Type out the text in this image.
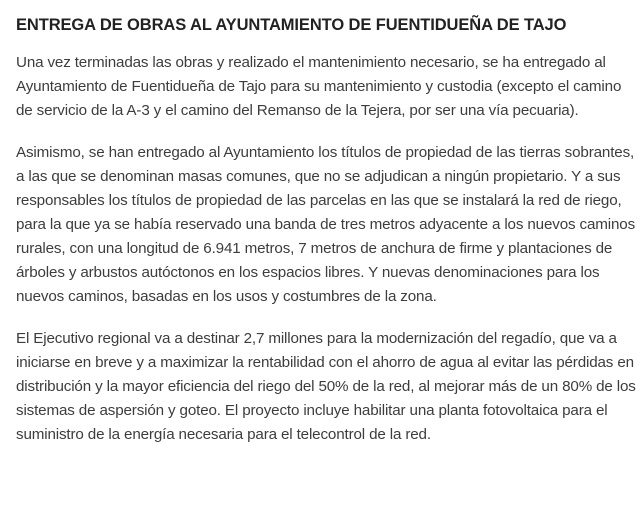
ENTREGA DE OBRAS AL AYUNTAMIENTO DE FUENTIDUEÑA DE TAJO

Una vez terminadas las obras y realizado el mantenimiento necesario, se ha entregado al Ayuntamiento de Fuentidueña de Tajo para su mantenimiento y custodia (excepto el camino de servicio de la A-3 y el camino del Remanso de la Tejera, por ser una vía pecuaria).

Asimismo, se han entregado al Ayuntamiento los títulos de propiedad de las tierras sobrantes, a las que se denominan masas comunes, que no se adjudican a ningún propietario. Y a sus responsables los títulos de propiedad de las parcelas en las que se instalará la red de riego, para la que ya se había reservado una banda de tres metros adyacente a los nuevos caminos rurales, con una longitud de 6.941 metros, 7 metros de anchura de firme y plantaciones de árboles y arbustos autóctonos en los espacios libres. Y nuevas denominaciones para los nuevos caminos, basadas en los usos y costumbres de la zona.

El Ejecutivo regional va a destinar 2,7 millones para la modernización del regadío, que va a iniciarse en breve y a maximizar la rentabilidad con el ahorro de agua al evitar las pérdidas en distribución y la mayor eficiencia del riego del 50% de la red, al mejorar más de un 80% de los sistemas de aspersión y goteo. El proyecto incluye habilitar una planta fotovoltaica para el suministro de la energía necesaria para el telecontrol de la red.
